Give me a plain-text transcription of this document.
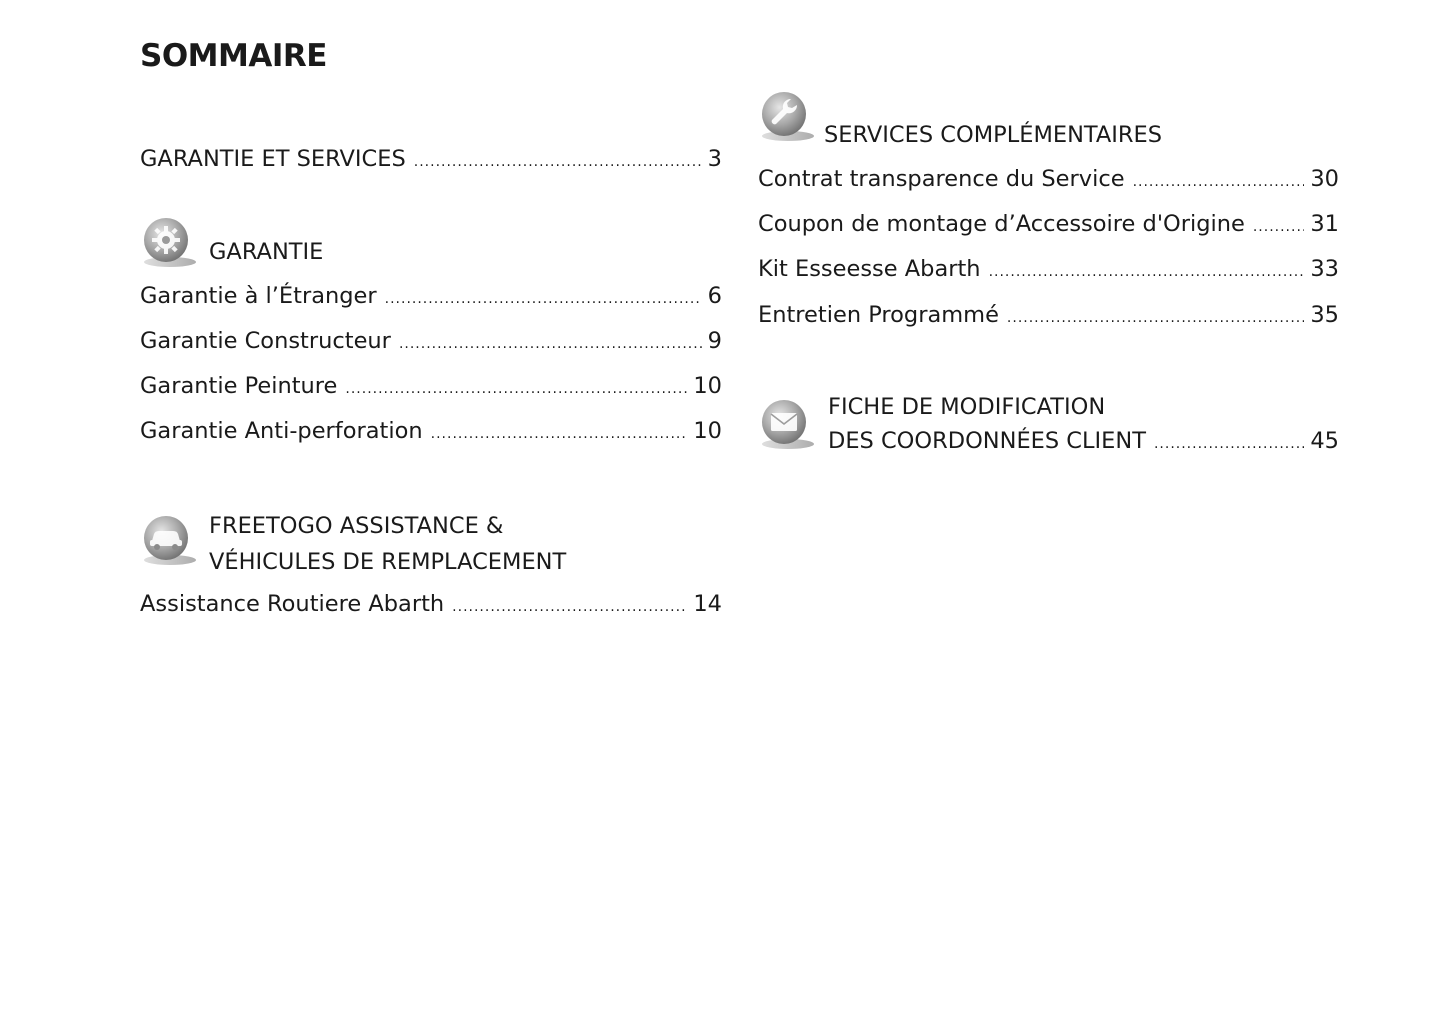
SOMMAIRE
GARANTIE ET SERVICES .....	3
GARANTIE
Garantie à l’Étranger .....	6
Garantie Constructeur .....	9
Garantie Peinture .....	10
Garantie Anti-perforation .....	10
FREETOGO ASSISTANCE &
VÉHICULES DE REMPLACEMENT
Assistance Routiere Abarth .....	14
SERVICES COMPLÉMENTAIRES
Contrat transparence du Service .....	30
Coupon de montage d’Accessoire d'Origine .....	31
Kit Esseesse Abarth .....	33
Entretien Programmé .....	35
FICHE DE MODIFICATION
DES COORDONNÉES CLIENT .....	45
